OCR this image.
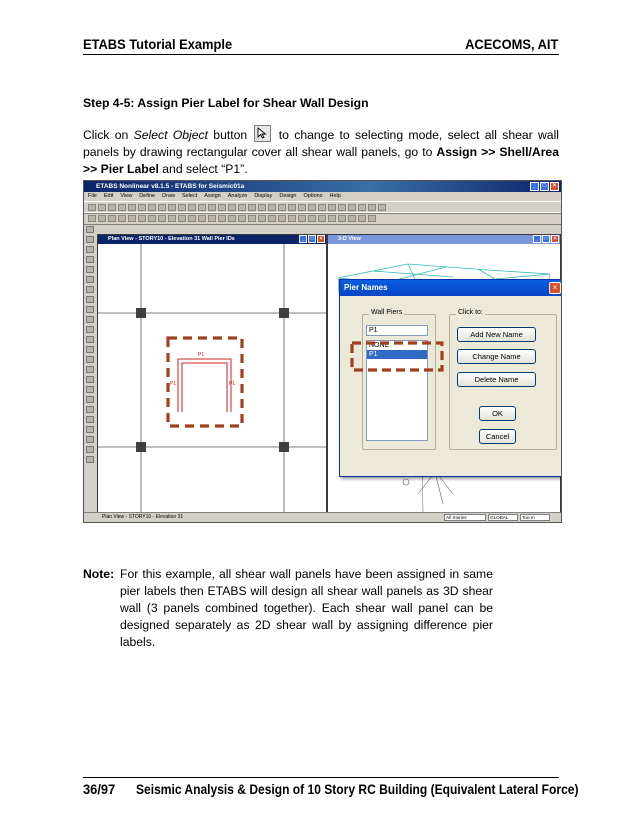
ETABS Tutorial Example	ACECOMS, AIT
Step 4-5: Assign Pier Label for Shear Wall Design
Click on Select Object button
to change to selecting mode, select all shear wall panels by drawing rectangular cover all shear wall panels, go to Assign >> Shell/Area >> Pier Label and select “P1”.
ETABS Nonlinear v8.1.5 - ETABS for Seismic01a	_	□	×
File Edit View Define Draw Select Assign Analyze Display Design Options Help
Plan View - STORY10 - Elevation 31 Wall Pier IDs	_	□	×
P1
P1	P1
3-D View	_	□	×
Plan View - STORY10 - Elevation 31	All Stories	GLOBAL	Ton-m
Pier Names	×
Wall Piers	Click to:
P1
NONE
P1
Add New Name
Change Name
Delete Name
OK
Cancel
Note: For this example, all shear wall panels have been assigned in same pier labels then ETABS will design all shear wall panels as 3D shear wall (3 panels combined together). Each shear wall panel can be designed separately as 2D shear wall by assigning difference pier labels.
36/97 Seismic Analysis & Design of 10 Story RC Building (Equivalent Lateral Force)
